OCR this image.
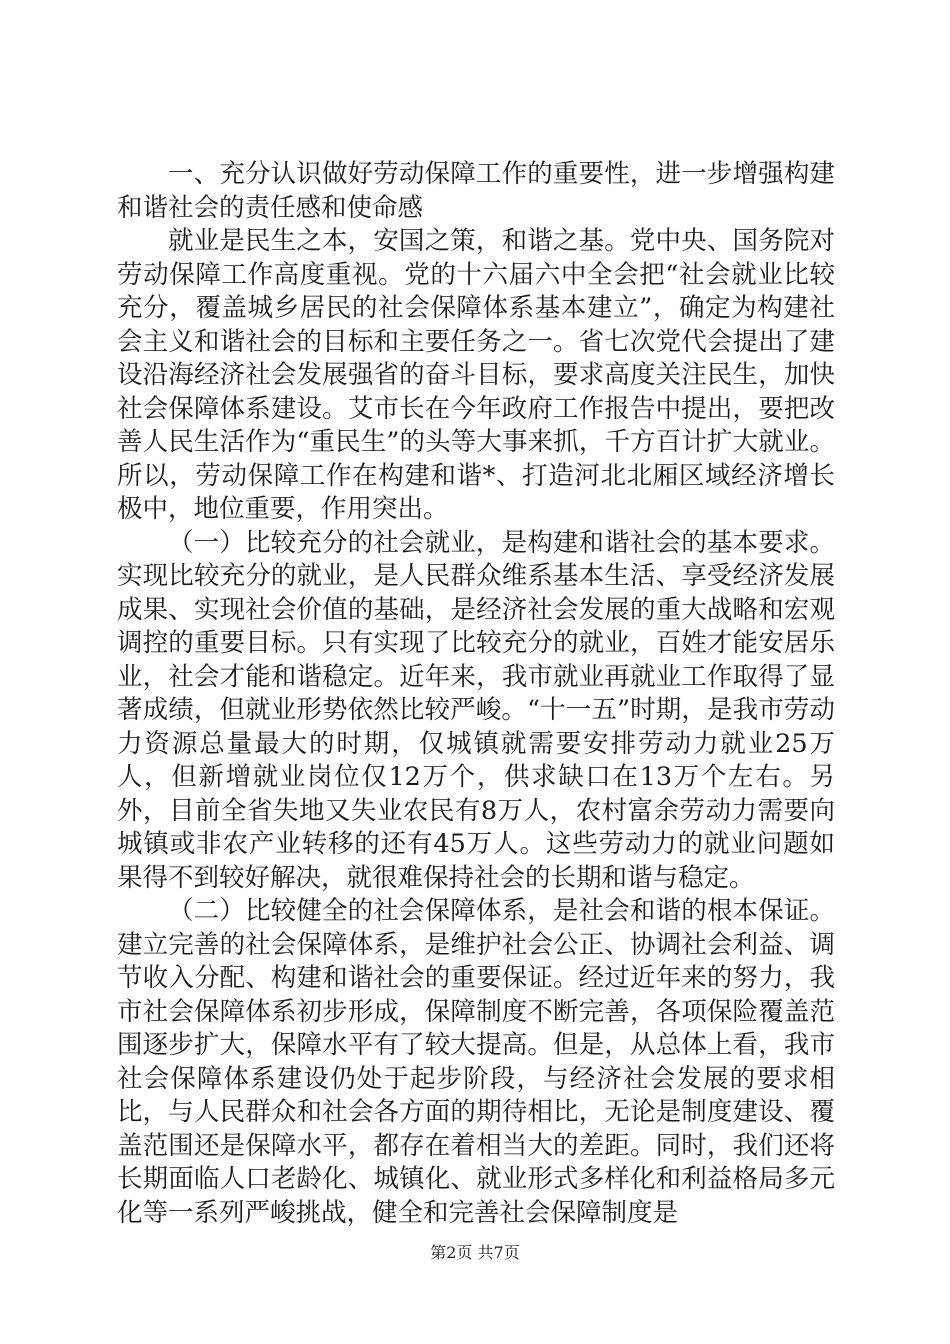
一、充分认识做好劳动保障工作的重要性，进一步增强构建和谐社会的责任感和使命感

就业是民生之本，安国之策，和谐之基。党中央、国务院对劳动保障工作高度重视。党的十六届六中全会把“社会就业比较充分，覆盖城乡居民的社会保障体系基本建立”，确定为构建社会主义和谐社会的目标和主要任务之一。省七次党代会提出了建设沿海经济社会发展强省的奋斗目标，要求高度关注民生，加快社会保障体系建设。艾市长在今年政府工作报告中提出，要把改善人民生活作为“重民生”的头等大事来抓，千方百计扩大就业。所以，劳动保障工作在构建和谐*、打造河北北厢区域经济增长极中，地位重要，作用突出。

（一）比较充分的社会就业，是构建和谐社会的基本要求。实现比较充分的就业，是人民群众维系基本生活、享受经济发展成果、实现社会价值的基础，是经济社会发展的重大战略和宏观调控的重要目标。只有实现了比较充分的就业，百姓才能安居乐业，社会才能和谐稳定。近年来，我市就业再就业工作取得了显著成绩，但就业形势依然比较严峻。“十一五”时期，是我市劳动力资源总量最大的时期，仅城镇就需要安排劳动力就业25万人，但新增就业岗位仅12万个，供求缺口在13万个左右。另外，目前全省失地又失业农民有8万人，农村富余劳动力需要向城镇或非农产业转移的还有45万人。这些劳动力的就业问题如果得不到较好解决，就很难保持社会的长期和谐与稳定。

（二）比较健全的社会保障体系，是社会和谐的根本保证。建立完善的社会保障体系，是维护社会公正、协调社会利益、调节收入分配、构建和谐社会的重要保证。经过近年来的努力，我市社会保障体系初步形成，保障制度不断完善，各项保险覆盖范围逐步扩大，保障水平有了较大提高。但是，从总体上看，我市社会保障体系建设仍处于起步阶段，与经济社会发展的要求相比，与人民群众和社会各方面的期待相比，无论是制度建设、覆盖范围还是保障水平，都存在着相当大的差距。同时，我们还将长期面临人口老龄化、城镇化、就业形式多样化和利益格局多元化等一系列严峻挑战，健全和完善社会保障制度是

第2页 共7页
